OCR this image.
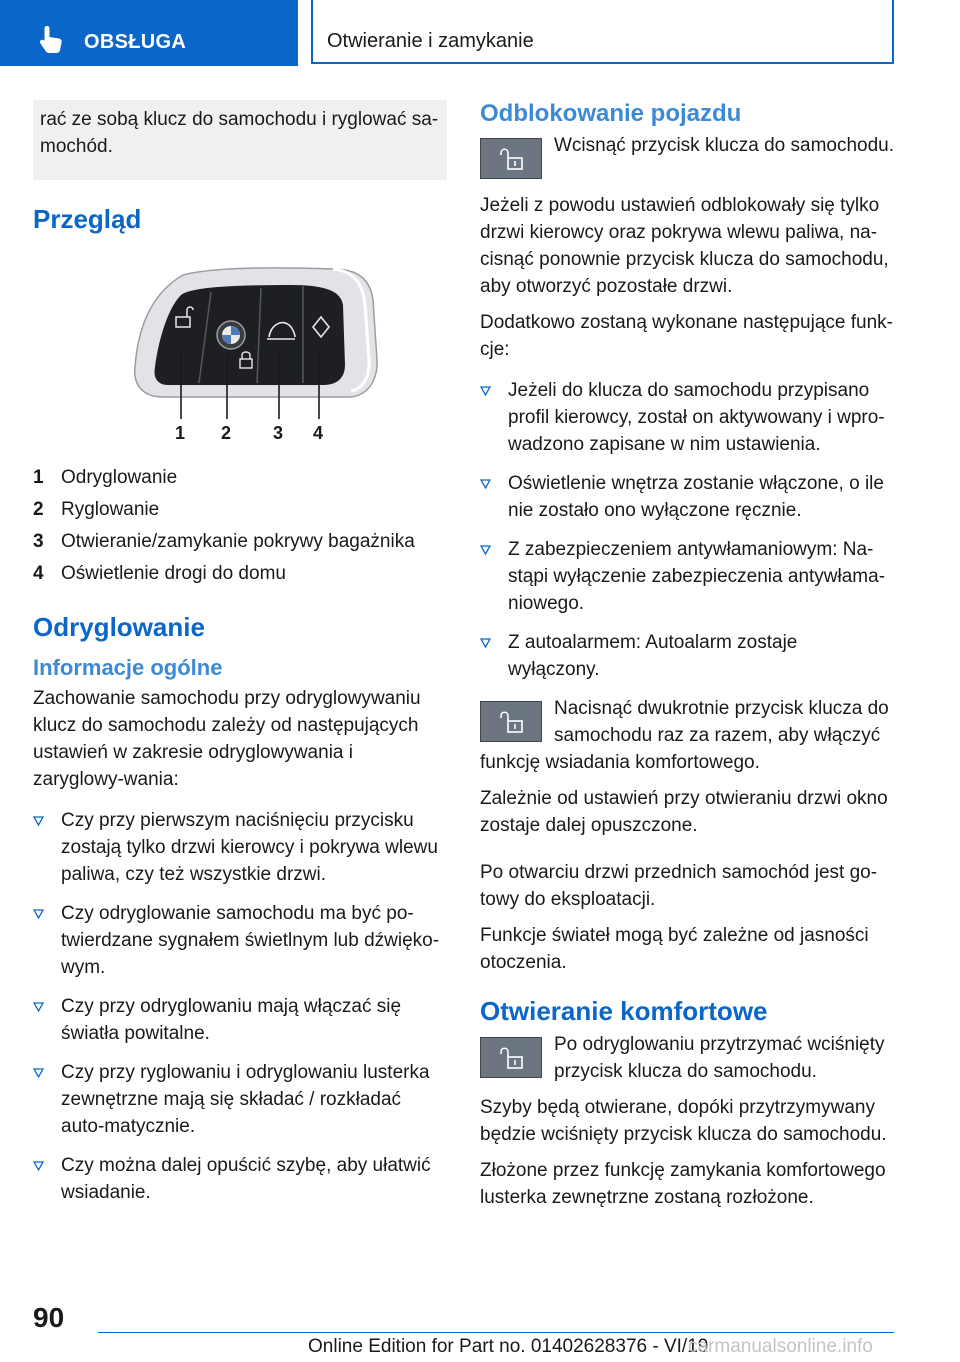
OBSŁUGA	Otwieranie i zamykanie
rać ze sobą klucz do samochodu i ryglować sa-mochód.
Przegląd
1 2 3 4
1 Odryglowanie
2 Ryglowanie
3 Otwieranie/zamykanie pokrywy bagażnika
4 Oświetlenie drogi do domu
Odryglowanie
Informacje ogólne

Zachowanie samochodu przy odryglowywaniu klucz do samochodu zależy od następujących ustawień w zakresie odryglowywania i zaryglowy-wania:

Czy przy pierwszym naciśnięciu przycisku zostają tylko drzwi kierowcy i pokrywa wlewu paliwa, czy też wszystkie drzwi.
Czy odryglowanie samochodu ma być po-twierdzane sygnałem świetlnym lub dźwięko-wym.
Czy przy odryglowaniu mają włączać się światła powitalne.
Czy przy ryglowaniu i odryglowaniu lusterka zewnętrzne mają się składać / rozkładać auto-matycznie.
Czy można dalej opuścić szybę, aby ułatwić wsiadanie.
Odblokowanie pojazdu

Wcisnąć przycisk klucza do samochodu.

Jeżeli z powodu ustawień odblokowały się tylko drzwi kierowcy oraz pokrywa wlewu paliwa, na-cisnąć ponownie przycisk klucza do samochodu, aby otworzyć pozostałe drzwi.

Dodatkowo zostaną wykonane następujące funk-cje:

Jeżeli do klucza do samochodu przypisano profil kierowcy, został on aktywowany i wpro-wadzono zapisane w nim ustawienia.
Oświetlenie wnętrza zostanie włączone, o ile nie zostało ono wyłączone ręcznie.
Z zabezpieczeniem antywłamaniowym: Na-stąpi wyłączenie zabezpieczenia antywłama-niowego.
Z autoalarmem: Autoalarm zostaje wyłączony.

Nacisnąć dwukrotnie przycisk klucza do samochodu raz za razem, aby włączyć funkcję wsiadania komfortowego.

Zależnie od ustawień przy otwieraniu drzwi okno zostaje dalej opuszczone.

Po otwarciu drzwi przednich samochód jest go-towy do eksploatacji.

Funkcje świateł mogą być zależne od jasności otoczenia.

Otwieranie komfortowe

Po odryglowaniu przytrzymać wciśnięty przycisk klucza do samochodu.

Szyby będą otwierane, dopóki przytrzymywany będzie wciśnięty przycisk klucza do samochodu.

Złożone przez funkcję zamykania komfortowego lusterka zewnętrzne zostaną rozłożone.

90
Online Edition for Part no. 01402628376 - VI/19
carmanualsonline.info
